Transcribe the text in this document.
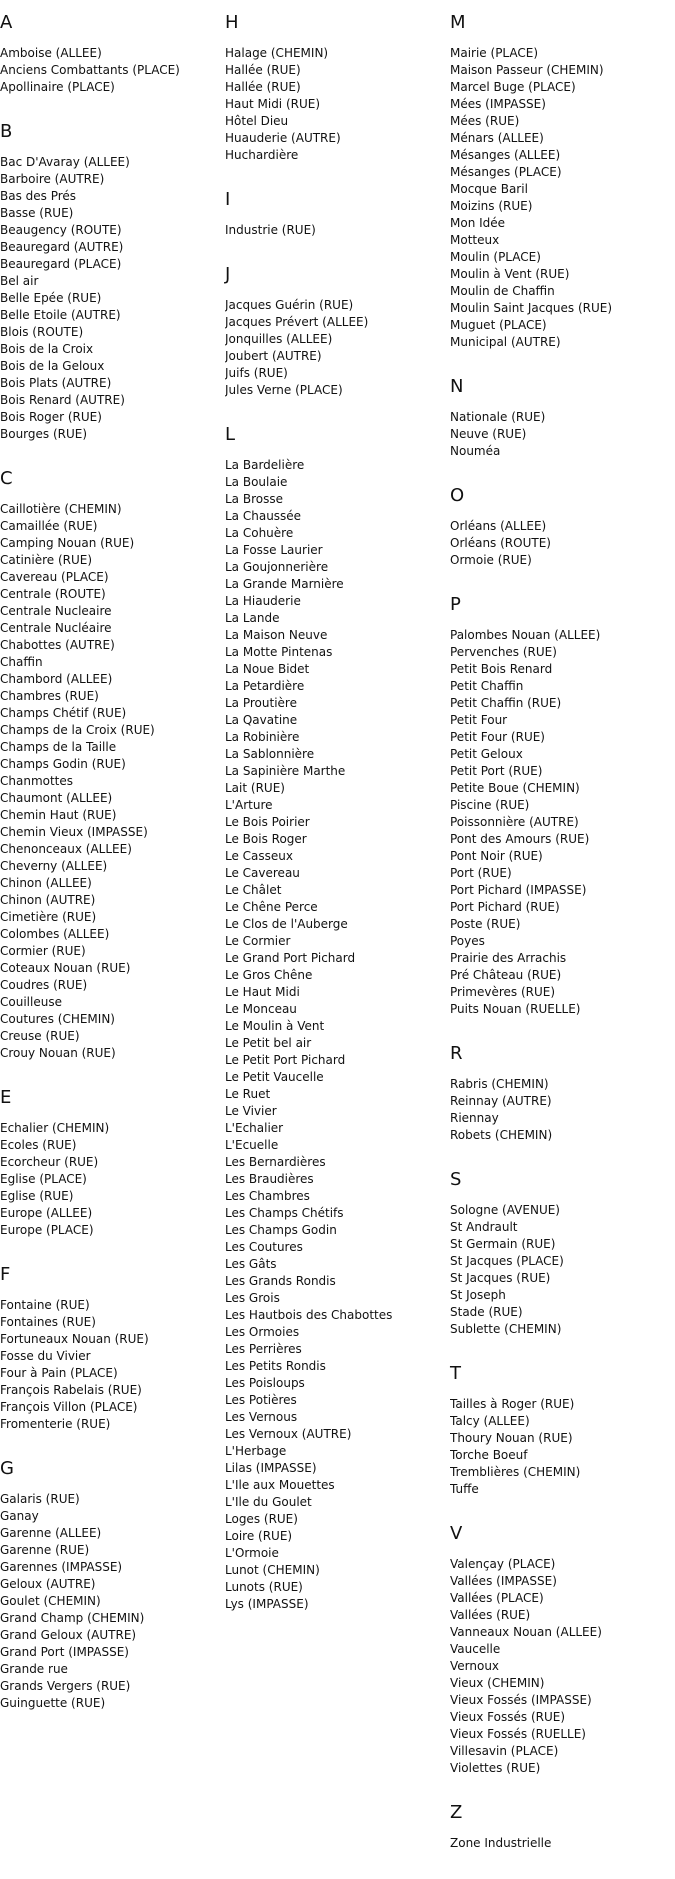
A
Amboise (ALLEE)
Anciens Combattants (PLACE)
Apollinaire (PLACE)
B
Bac D'Avaray (ALLEE)
Barboire (AUTRE)
Bas des Prés
Basse (RUE)
Beaugency (ROUTE)
Beauregard (AUTRE)
Beauregard (PLACE)
Bel air
Belle Epée (RUE)
Belle Etoile (AUTRE)
Blois (ROUTE)
Bois de la Croix
Bois de la Geloux
Bois Plats (AUTRE)
Bois Renard (AUTRE)
Bois Roger (RUE)
Bourges (RUE)
C
Caillotière (CHEMIN)
Camaillée (RUE)
Camping Nouan (RUE)
Catinière (RUE)
Cavereau (PLACE)
Centrale (ROUTE)
Centrale Nucleaire
Centrale Nucléaire
Chabottes (AUTRE)
Chaffin
Chambord (ALLEE)
Chambres (RUE)
Champs Chétif (RUE)
Champs de la Croix (RUE)
Champs de la Taille
Champs Godin (RUE)
Chanmottes
Chaumont (ALLEE)
Chemin Haut (RUE)
Chemin Vieux (IMPASSE)
Chenonceaux (ALLEE)
Cheverny (ALLEE)
Chinon (ALLEE)
Chinon (AUTRE)
Cimetière (RUE)
Colombes (ALLEE)
Cormier (RUE)
Coteaux Nouan (RUE)
Coudres (RUE)
Couilleuse
Coutures (CHEMIN)
Creuse (RUE)
Crouy Nouan (RUE)
E
Echalier (CHEMIN)
Ecoles (RUE)
Ecorcheur (RUE)
Eglise (PLACE)
Eglise (RUE)
Europe (ALLEE)
Europe (PLACE)
F
Fontaine (RUE)
Fontaines (RUE)
Fortuneaux Nouan (RUE)
Fosse du Vivier
Four à Pain (PLACE)
François Rabelais (RUE)
François Villon (PLACE)
Fromenterie (RUE)
G
Galaris (RUE)
Ganay
Garenne (ALLEE)
Garenne (RUE)
Garennes (IMPASSE)
Geloux (AUTRE)
Goulet (CHEMIN)
Grand Champ (CHEMIN)
Grand Geloux (AUTRE)
Grand Port (IMPASSE)
Grande rue
Grands Vergers (RUE)
Guinguette (RUE)
H
Halage (CHEMIN)
Hallée (RUE)
Hallée (RUE)
Haut Midi (RUE)
Hôtel Dieu
Huauderie (AUTRE)
Huchardière
I
Industrie (RUE)
J
Jacques Guérin (RUE)
Jacques Prévert (ALLEE)
Jonquilles (ALLEE)
Joubert (AUTRE)
Juifs (RUE)
Jules Verne (PLACE)
L
La Bardelière
La Boulaie
La Brosse
La Chaussée
La Cohuère
La Fosse Laurier
La Goujonnerière
La Grande Marnière
La Hiauderie
La Lande
La Maison Neuve
La Motte Pintenas
La Noue Bidet
La Petardière
La Proutière
La Qavatine
La Robinière
La Sablonnière
La Sapinière Marthe
Lait (RUE)
L'Arture
Le Bois Poirier
Le Bois Roger
Le Casseux
Le Cavereau
Le Châlet
Le Chêne Perce
Le Clos de l'Auberge
Le Cormier
Le Grand Port Pichard
Le Gros Chêne
Le Haut Midi
Le Monceau
Le Moulin à Vent
Le Petit bel air
Le Petit Port Pichard
Le Petit Vaucelle
Le Ruet
Le Vivier
L'Echalier
L'Ecuelle
Les Bernardières
Les Braudières
Les Chambres
Les Champs Chétifs
Les Champs Godin
Les Coutures
Les Gâts
Les Grands Rondis
Les Grois
Les Hautbois des Chabottes
Les Ormoies
Les Perrières
Les Petits Rondis
Les Poisloups
Les Potières
Les Vernous
Les Vernoux (AUTRE)
L'Herbage
Lilas (IMPASSE)
L'Ile aux Mouettes
L'Ile du Goulet
Loges (RUE)
Loire (RUE)
L'Ormoie
Lunot (CHEMIN)
Lunots (RUE)
Lys (IMPASSE)
M
Mairie (PLACE)
Maison Passeur (CHEMIN)
Marcel Buge (PLACE)
Mées (IMPASSE)
Mées (RUE)
Ménars (ALLEE)
Mésanges (ALLEE)
Mésanges (PLACE)
Mocque Baril
Moizins (RUE)
Mon Idée
Motteux
Moulin (PLACE)
Moulin à Vent (RUE)
Moulin de Chaffin
Moulin Saint Jacques (RUE)
Muguet (PLACE)
Municipal (AUTRE)
N
Nationale (RUE)
Neuve (RUE)
Nouméa
O
Orléans (ALLEE)
Orléans (ROUTE)
Ormoie (RUE)
P
Palombes Nouan (ALLEE)
Pervenches (RUE)
Petit Bois Renard
Petit Chaffin
Petit Chaffin (RUE)
Petit Four
Petit Four (RUE)
Petit Geloux
Petit Port (RUE)
Petite Boue (CHEMIN)
Piscine (RUE)
Poissonnière (AUTRE)
Pont des Amours (RUE)
Pont Noir (RUE)
Port (RUE)
Port Pichard (IMPASSE)
Port Pichard (RUE)
Poste (RUE)
Poyes
Prairie des Arrachis
Pré Château (RUE)
Primevères (RUE)
Puits Nouan (RUELLE)
R
Rabris (CHEMIN)
Reinnay (AUTRE)
Riennay
Robets (CHEMIN)
S
Sologne (AVENUE)
St Andrault
St Germain (RUE)
St Jacques (PLACE)
St Jacques (RUE)
St Joseph
Stade (RUE)
Sublette (CHEMIN)
T
Tailles à Roger (RUE)
Talcy (ALLEE)
Thoury Nouan (RUE)
Torche Boeuf
Tremblières (CHEMIN)
Tuffe
V
Valençay (PLACE)
Vallées (IMPASSE)
Vallées (PLACE)
Vallées (RUE)
Vanneaux Nouan (ALLEE)
Vaucelle
Vernoux
Vieux (CHEMIN)
Vieux Fossés (IMPASSE)
Vieux Fossés (RUE)
Vieux Fossés (RUELLE)
Villesavin (PLACE)
Violettes (RUE)
Z
Zone Industrielle
